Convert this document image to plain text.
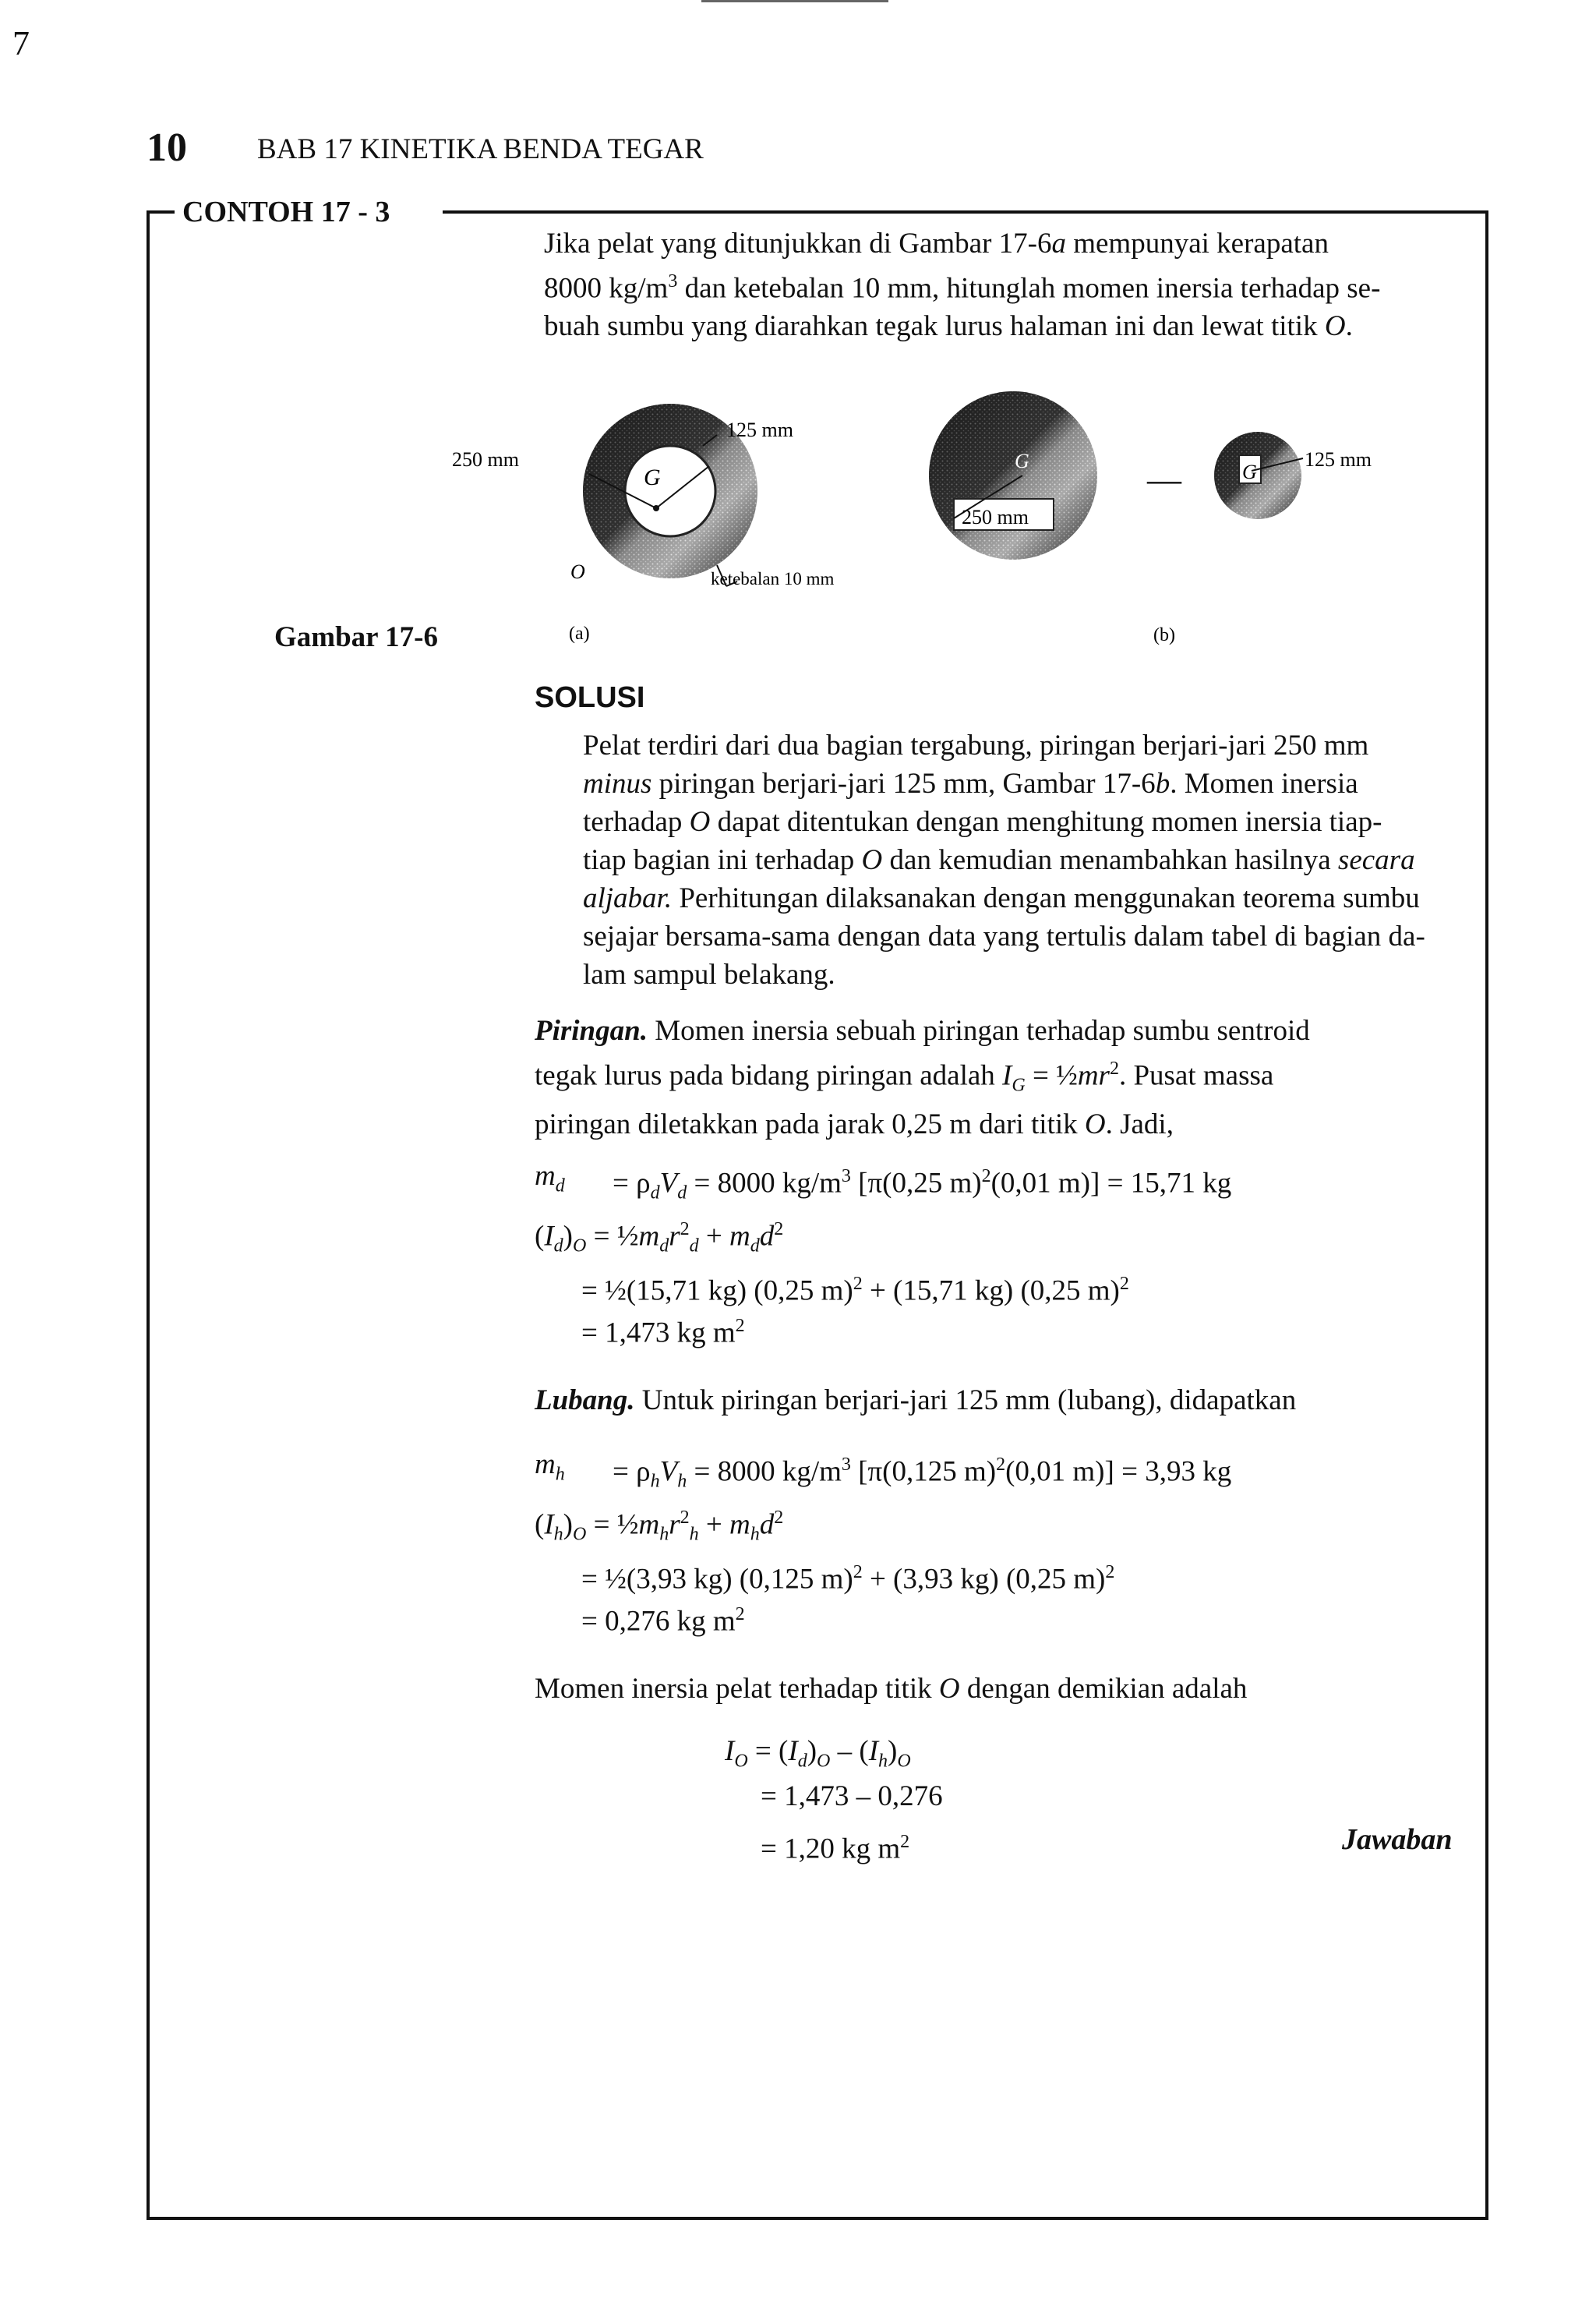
7
10 BAB 17 KINETIKA BENDA TEGAR
CONTOH 17 - 3

Jika pelat yang ditunjukkan di Gambar 17-6a mempunyai kerapatan
8000 $kg/m^3$ dan ketebalan 10 mm, hitunglah momen inersia terhadap se-
buah sumbu yang diarahkan tegak lurus halaman ini dan lewat titik O.

250 mm
125 mm
G
O	ketebalan 10 mm
(a)
250 mm
G	—	G
125 mm
(b)
Gambar 17-6
SOLUSI

Pelat terdiri dari dua bagian tergabung, piringan berjari-jari 250 mm
minus piringan berjari-jari 125 mm, Gambar 17-6b. Momen inersia
terhadap O dapat ditentukan dengan menghitung momen inersia tiap-
tiap bagian ini terhadap O dan kemudian menambahkan hasilnya secara
aljabar. Perhitungan dilaksanakan dengan menggunakan teorema sumbu
sejajar bersama-sama dengan data yang tertulis dalam tabel di bagian da-
lam sampul belakang.

Piringan. Momen inersia sebuah piringan terhadap sumbu sentroid
tegak lurus pada bidang piringan adalah $I_G$ = $\frac{1}{2}mr^2$. Pusat massa
piringan diletakkan pada jarak 0,25 m dari titik O. Jadi,

$m_d = \rho_dV_d = 8000$ $kg/m^3$ [π(0,25 m)$^2$(0,01 m)] = 15,71 kg
$(I_d)_O$ = $\frac{1}{2}m_dr^2_d + m_dd^2$
= ½(15,71 kg) (0,25 m)$^2$ + (15,71 kg) (0,25 m)$^2$
= 1,473 kg $m^2$

Lubang. Untuk piringan berjari-jari 125 mm (lubang), didapatkan

$m_h = \rho_hV_h = 8000$ $kg/m^3$ [π(0,125 m)$^2$(0,01 m)] = 3,93 kg
$(I_h)_O$ = $\frac{1}{2}m_hr^2_h + m_hd^2$
= ½(3,93 kg) (0,125 m)$^2$ + (3,93 kg) (0,25 m)$^2$
= 0,276 kg $m^2$

Momen inersia pelat terhadap titik O dengan demikian adalah

$I_O = (I_d)_O - (I_h)_O$
= 1,473 – 0,276
= 1,20 kg $m^2$	Jawaban
